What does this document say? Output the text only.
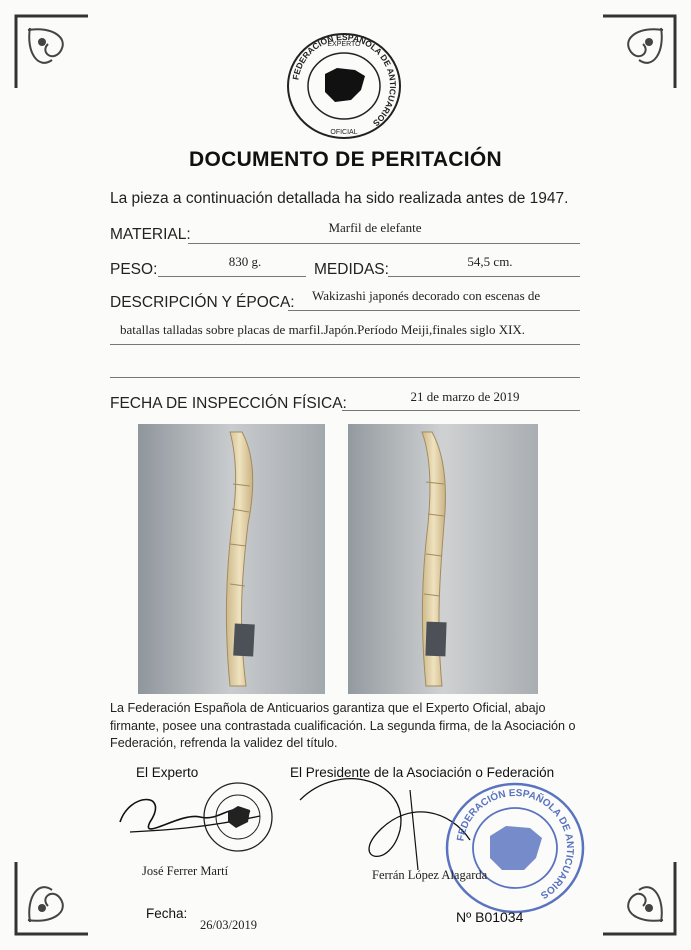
FEDERACIÓN ESPAÑOLA DE ANTICUARIOS
EXPERTO
OFICIAL
DOCUMENTO DE PERITACIÓN
La pieza a continuación detallada ha sido realizada antes de 1947.
MATERIAL:	Marfil de elefante
PESO:	830 g.	MEDIDAS:	54,5 cm.
DESCRIPCIÓN Y ÉPOCA: Wakizashi japonés decorado con escenas de
batallas talladas sobre placas de marfil.Japón.Período Meiji,finales siglo XIX.
FECHA DE INSPECCIÓN FÍSICA:	21 de marzo de 2019
La Federación Española de Anticuarios garantiza que el Experto Oficial, abajo firmante, posee una contrastada cualificación. La segunda firma, de la Asociación o Federación, refrenda la validez del título.
El Experto	El Presidente de la Asociación o Federación
FEDERACIÓN ESPAÑOLA DE ANTICUARIOS
José Ferrer Martí	Ferrán López Alagarda
Fecha:
26/03/2019	Nº B01034
